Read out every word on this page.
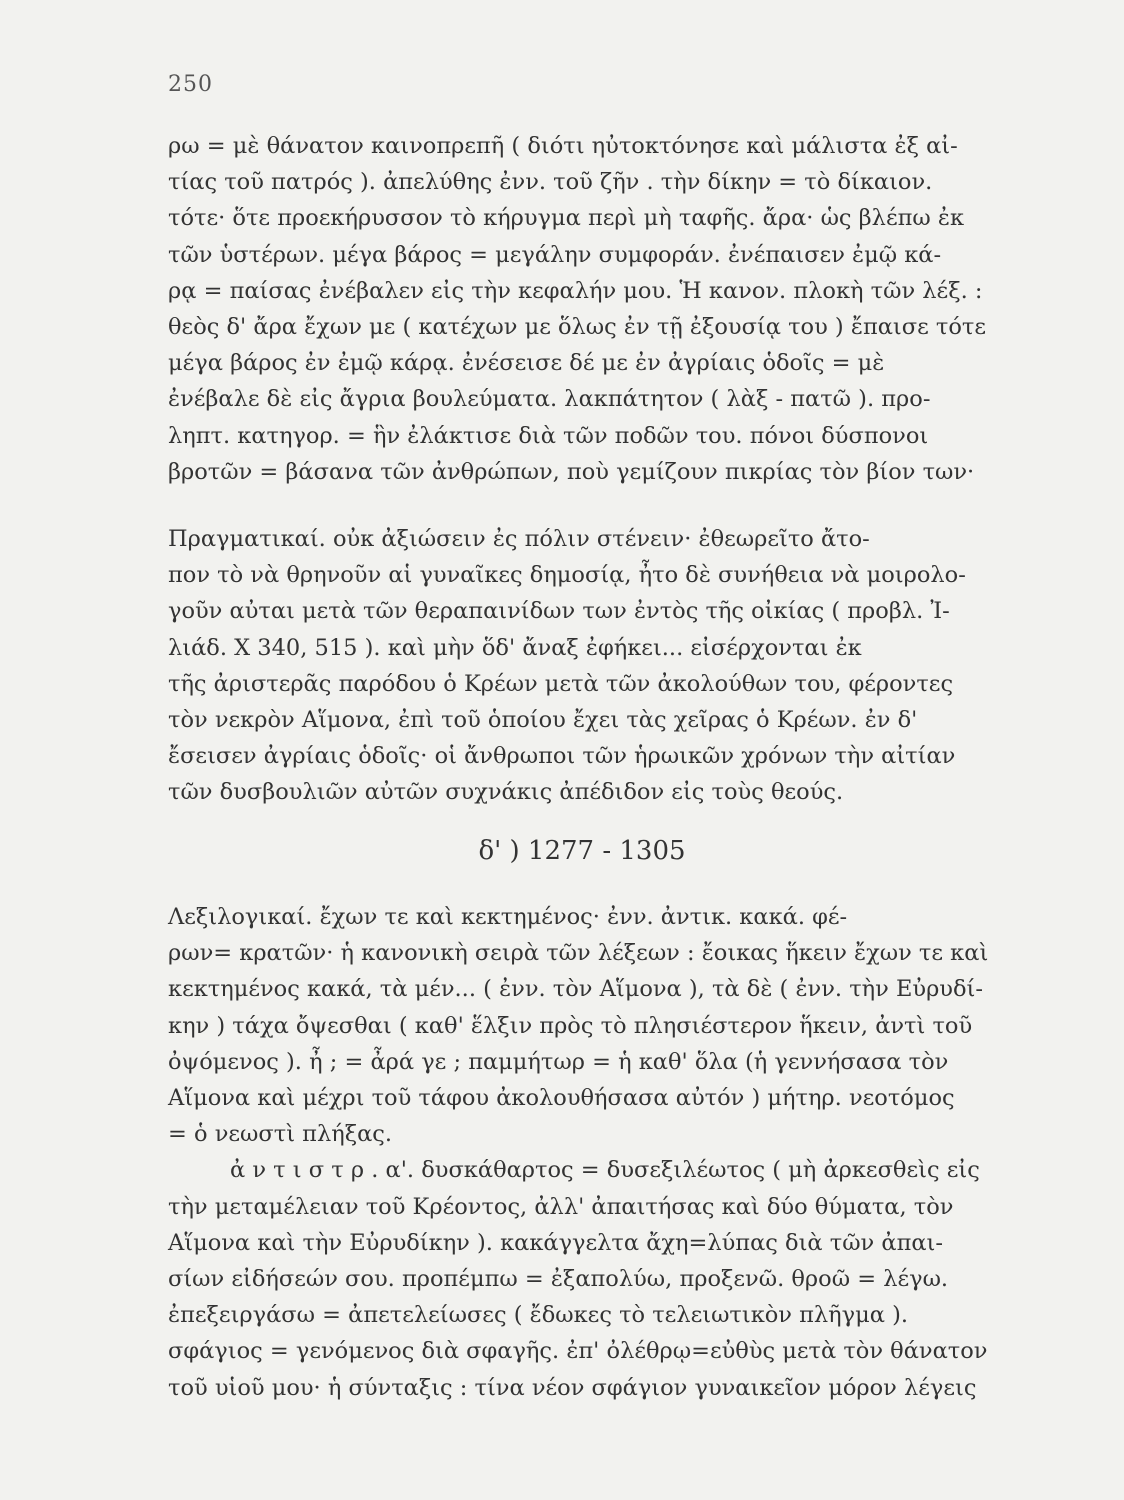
250
ρω = μὲ θάνατον καινοπρεπῆ ( διότι ηὐτοκτόνησε καὶ μάλιστα ἐξ αἰ-
τίας τοῦ πατρός ). ἀπελύθης ἐνν. τοῦ ζῆν . τὴν δίκην = τὸ δίκαιον.
τότε· ὅτε προεκήρυσσον τὸ κήρυγμα περὶ μὴ ταφῆς. ἄρα· ὡς βλέπω ἐκ
τῶν ὑστέρων. μέγα βάρος = μεγάλην συμφοράν. ἐνέπαισεν ἐμῷ κά-
ρᾳ = παίσας ἐνέβαλεν εἰς τὴν κεφαλήν μου. Ἡ κανον. πλοκὴ τῶν λέξ. :
θεὸς δ' ἄρα ἔχων με ( κατέχων με ὅλως ἐν τῇ ἐξουσίᾳ του ) ἔπαισε τότε
μέγα βάρος ἐν ἐμῷ κάρᾳ. ἐνέσεισε δέ με ἐν ἀγρίαις ὁδοῖς = μὲ
ἐνέβαλε δὲ εἰς ἄγρια βουλεύματα. λακπάτητον ( λὰξ - πατῶ ). προ-
ληπτ. κατηγορ. = ἣν ἐλάκτισε διὰ τῶν ποδῶν του. πόνοι δύσπονοι
βροτῶν = βάσανα τῶν ἀνθρώπων, ποὺ γεμίζουν πικρίας τὸν βίον των·
Πραγματικαί. οὐκ ἀξιώσειν ἐς πόλιν στένειν· ἐθεωρεῖτο ἄτο-
πον τὸ νὰ θρηνοῦν αἱ γυναῖκες δημοσίᾳ, ἦτο δὲ συνήθεια νὰ μοιρολο-
γοῦν αὐται μετὰ τῶν θεραπαινίδων των ἐντὸς τῆς οἰκίας ( προβλ. Ἰ-
λιάδ. X 340, 515 ). καὶ μὴν ὅδ' ἄναξ ἐφήκει... εἰσέρχονται ἐκ
τῆς ἀριστερᾶς παρόδου ὁ Κρέων μετὰ τῶν ἀκολούθων του, φέροντες
τὸν νεκρὸν Αἵμονα, ἐπὶ τοῦ ὁποίου ἔχει τὰς χεῖρας ὁ Κρέων. ἐν δ'
ἔσεισεν ἀγρίαις ὁδοῖς· οἱ ἄνθρωποι τῶν ἡρωικῶν χρόνων τὴν αἰτίαν
τῶν δυσβουλιῶν αὐτῶν συχνάκις ἀπέδιδον εἰς τοὺς θεούς.
δ' ) 1277 - 1305
Λεξιλογικαί. ἔχων τε καὶ κεκτημένος· ἐνν. ἀντικ. κακά. φέ-
ρων= κρατῶν· ἡ κανονικὴ σειρὰ τῶν λέξεων : ἔοικας ἥκειν ἔχων τε καὶ
κεκτημένος κακά, τὰ μέν... ( ἐνν. τὸν Αἵμονα ), τὰ δὲ ( ἐνν. τὴν Εὐρυδί-
κην ) τάχα ὄψεσθαι ( καθ' ἕλξιν πρὸς τὸ πλησιέστερον ἥκειν, ἀντὶ τοῦ
ὀψόμενος ). ἦ ; = ἆρά γε ; παμμήτωρ = ἡ καθ' ὅλα (ἡ γεννήσασα τὸν
Αἵμονα καὶ μέχρι τοῦ τάφου ἀκολουθήσασα αὐτόν ) μήτηρ. νεοτόμος
= ὁ νεωστὶ πλήξας.
ἀ ν τ ι σ τ ρ . α'. δυσκάθαρτος = δυσεξιλέωτος ( μὴ ἀρκεσθεὶς εἰς
τὴν μεταμέλειαν τοῦ Κρέοντος, ἀλλ' ἀπαιτήσας καὶ δύο θύματα, τὸν
Αἵμονα καὶ τὴν Εὐρυδίκην ). κακάγγελτα ἄχη=λύπας διὰ τῶν ἀπαι-
σίων εἰδήσεών σου. προπέμπω = ἐξαπολύω, προξενῶ. θροῶ = λέγω.
ἐπεξειργάσω = ἀπετελείωσες ( ἔδωκες τὸ τελειωτικὸν πλῆγμα ).
σφάγιος = γενόμενος διὰ σφαγῆς. ἐπ' ὀλέθρῳ=εὐθὺς μετὰ τὸν θάνατον
τοῦ υἱοῦ μου· ἡ σύνταξις : τίνα νέον σφάγιον γυναικεῖον μόρον λέγεις
